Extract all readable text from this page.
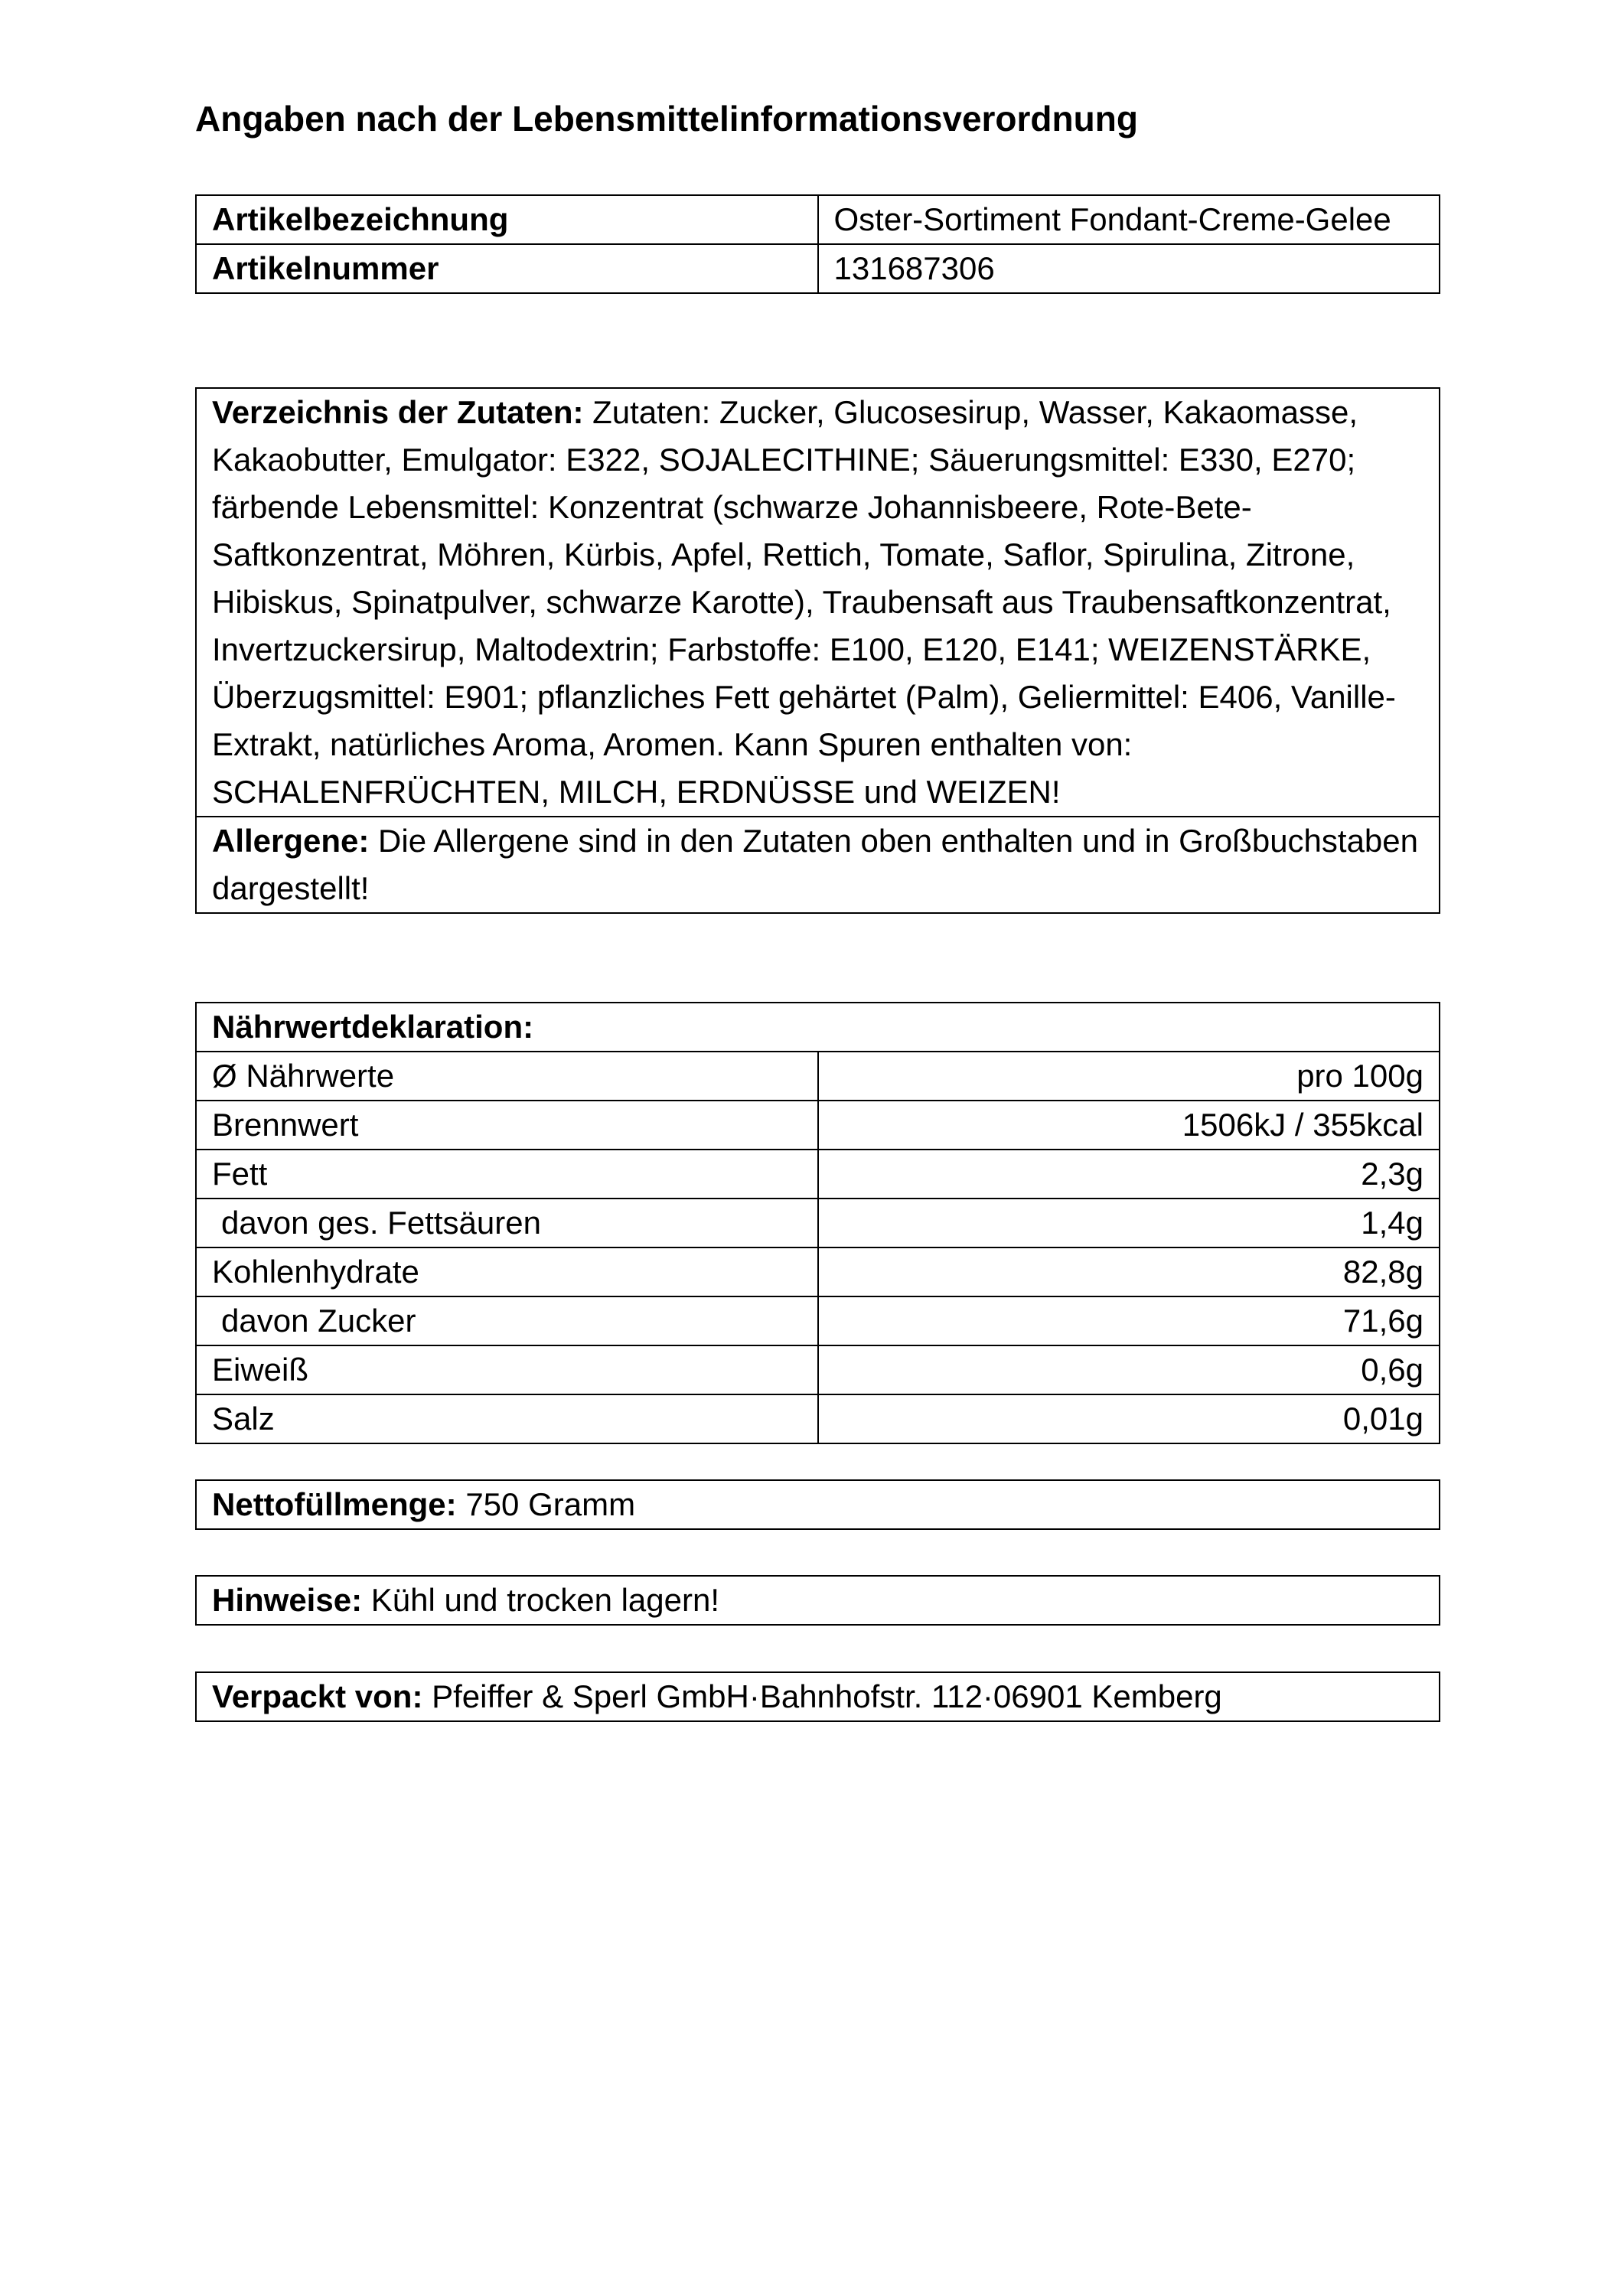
Angaben nach der Lebensmittelinformationsverordnung
Artikelbezeichnung	Oster-Sortiment Fondant-Creme-Gelee
Artikelnummer	131687306
Verzeichnis der Zutaten: Zutaten: Zucker, Glucosesirup, Wasser, Kakaomasse, Kakaobutter, Emulgator: E322, SOJALECITHINE; Säuerungsmittel: E330, E270; färbende Lebensmittel: Konzentrat (schwarze Johannisbeere, Rote-Bete-Saftkonzentrat, Möhren, Kürbis, Apfel, Rettich, Tomate, Saflor, Spirulina, Zitrone, Hibiskus, Spinatpulver, schwarze Karotte), Traubensaft aus Traubensaftkonzentrat, Invertzuckersirup, Maltodextrin; Farbstoffe: E100, E120, E141; WEIZENSTÄRKE, Überzugsmittel: E901; pflanzliches Fett gehärtet (Palm), Geliermittel: E406, Vanille-Extrakt, natürliches Aroma, Aromen. Kann Spuren enthalten von: SCHALENFRÜCHTEN, MILCH, ERDNÜSSE und WEIZEN!
Allergene: Die Allergene sind in den Zutaten oben enthalten und in Großbuchstaben dargestellt!
Nährwertdeklaration:	
Ø Nährwerte	pro 100g
Brennwert	1506kJ / 355kcal
Fett	2,3g
davon ges. Fettsäuren	1,4g
Kohlenhydrate	82,8g
davon Zucker	71,6g
Eiweiß	0,6g
Salz	0,01g
Nettofüllmenge: 750 Gramm
Hinweise: Kühl und trocken lagern!
Verpackt von: Pfeiffer & Sperl GmbH·Bahnhofstr. 112·06901 Kemberg
